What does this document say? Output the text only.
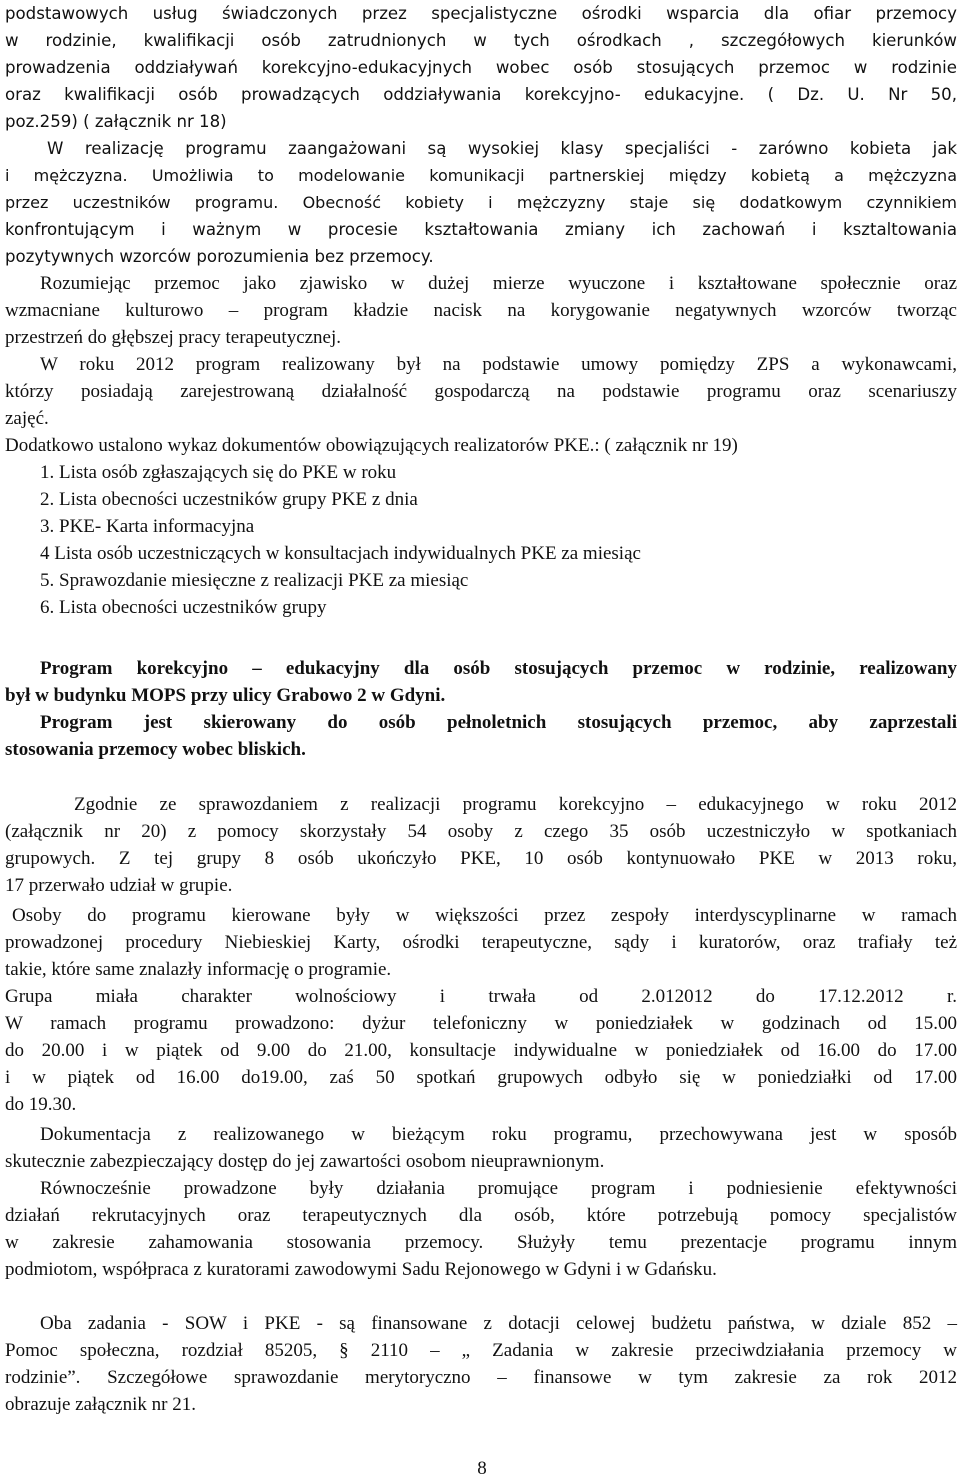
podstawowych usług świadczonych przez specjalistyczne ośrodki wsparcia dla ofiar przemocy
w rodzinie, kwalifikacji osób zatrudnionych w tych ośrodkach , szczegółowych kierunków
prowadzenia oddziaływań korekcyjno-edukacyjnych wobec osób stosujących przemoc w rodzinie
oraz kwalifikacji osób prowadzących oddziaływania korekcyjno- edukacyjne. ( Dz. U. Nr 50,
poz.259) ( załącznik nr 18)
W realizację programu zaangażowani są wysokiej klasy specjaliści - zarówno kobieta jak
i mężczyzna. Umożliwia to modelowanie komunikacji partnerskiej między kobietą a mężczyzna
przez uczestników programu. Obecność kobiety i mężczyzny staje się dodatkowym czynnikiem
konfrontującym i ważnym w procesie kształtowania zmiany ich zachowań i ksztaltowania
pozytywnych wzorców porozumienia bez przemocy.
Rozumiejąc przemoc jako zjawisko w dużej mierze wyuczone i kształtowane społecznie oraz
wzmacniane kulturowo – program kładzie nacisk na korygowanie negatywnych wzorców tworząc
przestrzeń do głębszej pracy terapeutycznej.
W roku 2012 program realizowany był na podstawie umowy pomiędzy ZPS a wykonawcami,
którzy posiadają zarejestrowaną działalność gospodarczą na podstawie programu oraz scenariuszy
zajęć.
Dodatkowo ustalono wykaz dokumentów obowiązujących realizatorów PKE.: ( załącznik nr 19)
1. Lista osób zgłaszających się do PKE w roku
2. Lista obecności uczestników grupy PKE z dnia
3. PKE- Karta informacyjna
4 Lista osób uczestniczących w konsultacjach indywidualnych PKE za miesiąc
5. Sprawozdanie miesięczne z realizacji PKE za miesiąc
6. Lista obecności uczestników grupy
Program korekcyjno – edukacyjny dla osób stosujących przemoc w rodzinie, realizowany
był w budynku MOPS przy ulicy Grabowo 2 w Gdyni.
Program jest skierowany do osób pełnoletnich stosujących przemoc, aby zaprzestali
stosowania przemocy wobec bliskich.
Zgodnie ze sprawozdaniem z realizacji programu korekcyjno – edukacyjnego w roku 2012
(załącznik nr 20) z pomocy skorzystały 54 osoby z czego 35 osób uczestniczyło w spotkaniach
grupowych. Z tej grupy 8 osób ukończyło PKE, 10 osób kontynuowało PKE w 2013 roku,
17 przerwało udział w grupie.
Osoby do programu kierowane były w większości przez zespoły interdyscyplinarne w ramach
prowadzonej procedury Niebieskiej Karty, ośrodki terapeutyczne, sądy i kuratorów, oraz trafiały też
takie, które same znalazły informację o programie.
Grupa miała charakter wolnościowy i trwała od 2.012012 do 17.12.2012 r.
W ramach programu prowadzono: dyżur telefoniczny w poniedziałek w godzinach od 15.00
do 20.00 i w piątek od 9.00 do 21.00, konsultacje indywidualne w poniedziałek od 16.00 do 17.00
i w piątek od 16.00 do19.00, zaś 50 spotkań grupowych odbyło się w poniedziałki od 17.00
do 19.30.
Dokumentacja z realizowanego w bieżącym roku programu, przechowywana jest w sposób
skutecznie zabezpieczający dostęp do jej zawartości osobom nieuprawnionym.
Równocześnie prowadzone były działania promujące program i podniesienie efektywności
działań rekrutacyjnych oraz terapeutycznych dla osób, które potrzebują pomocy specjalistów
w zakresie zahamowania stosowania przemocy. Służyły temu prezentacje programu innym
podmiotom, współpraca z kuratorami zawodowymi Sadu Rejonowego w Gdyni i w Gdańsku.
Oba zadania - SOW i PKE - są finansowane z dotacji celowej budżetu państwa, w dziale 852 –
Pomoc społeczna, rozdział 85205, § 2110 – „ Zadania w zakresie przeciwdziałania przemocy w
rodzinie”. Szczegółowe sprawozdanie merytoryczno – finansowe w tym zakresie za rok 2012
obrazuje załącznik nr 21.
8
